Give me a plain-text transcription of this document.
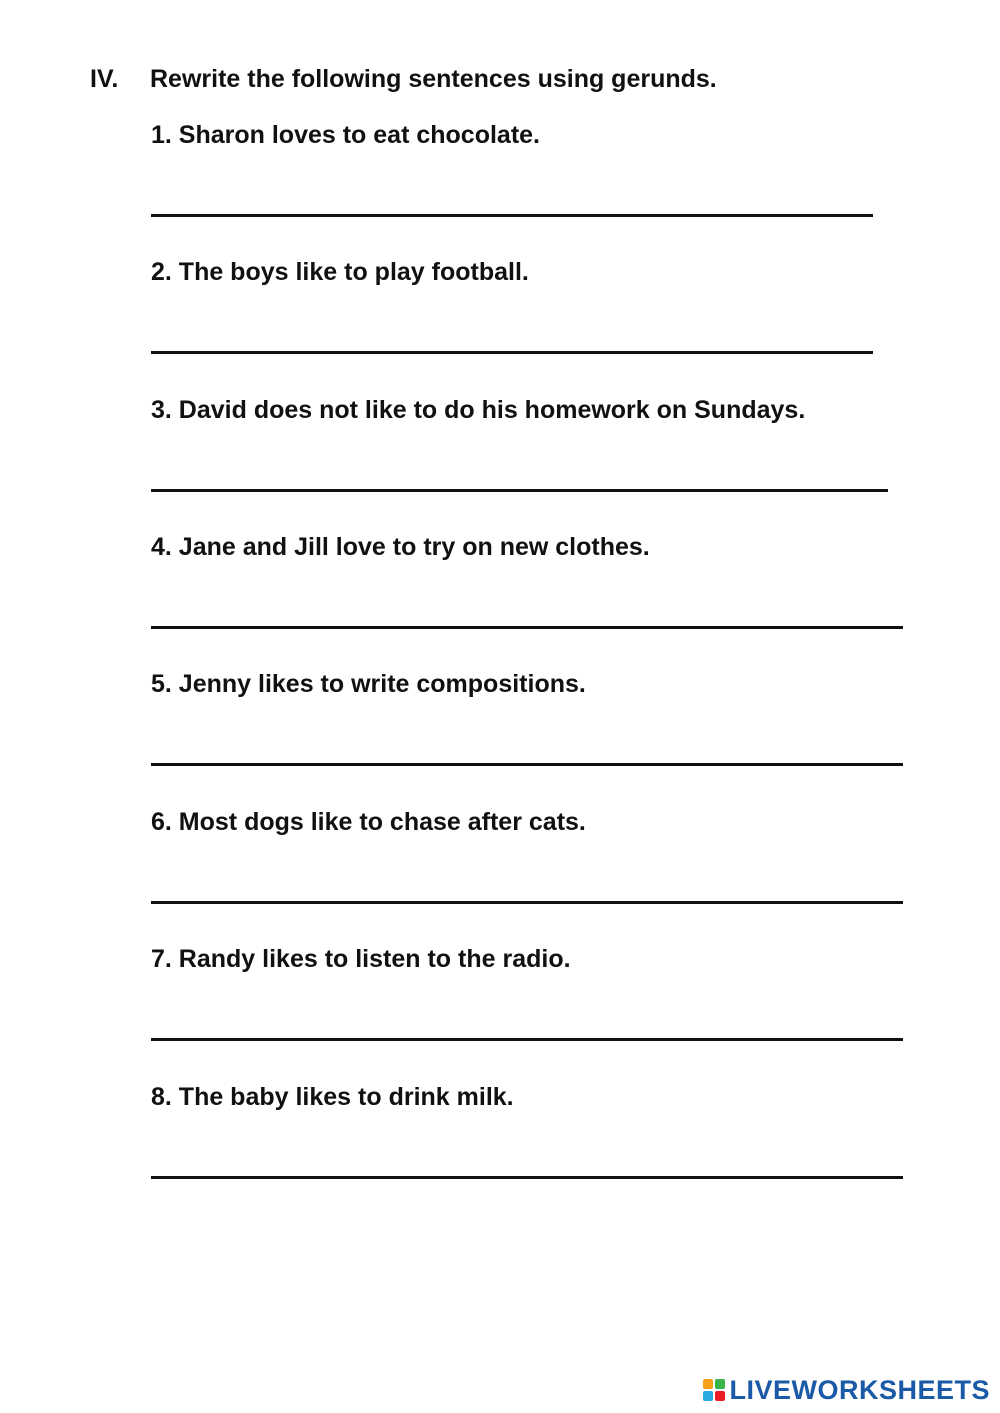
IV. Rewrite the following sentences using gerunds.
1. Sharon loves to eat chocolate.
2. The boys like to play football.
3. David does not like to do his homework on Sundays.
4. Jane and Jill love to try on new clothes.
5. Jenny likes to write compositions.
6. Most dogs like to chase after cats.
7. Randy likes to listen to the radio.
8. The baby likes to drink milk.
LIVEWORKSHEETS
